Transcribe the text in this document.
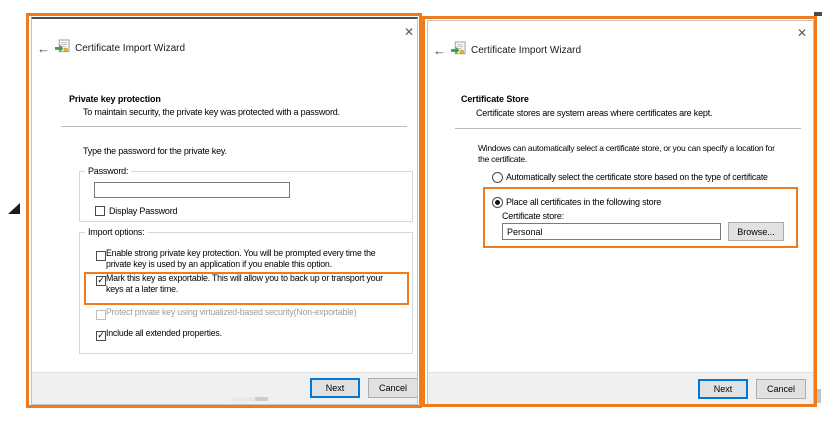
✕
←	Certificate Import Wizard
Private key protection
To maintain security, the private key was protected with a password.
Type the password for the private key.
Password:
Display Password
Import options:
Enable strong private key protection. You will be prompted every time the
private key is used by an application if you enable this option.
✓ Mark this key as exportable. This will allow you to back up or transport your
keys at a later time.
Protect private key using virtualized-based security(Non-exportable)
✓ Include all extended properties.
Next	Cancel
✕
←	Certificate Import Wizard
Certificate Store
Certificate stores are system areas where certificates are kept.
Windows can automatically select a certificate store, or you can specify a location for
the certificate.
Automatically select the certificate store based on the type of certificate
Place all certificates in the following store
Certificate store:
Personal
Browse...
Next	Cancel
